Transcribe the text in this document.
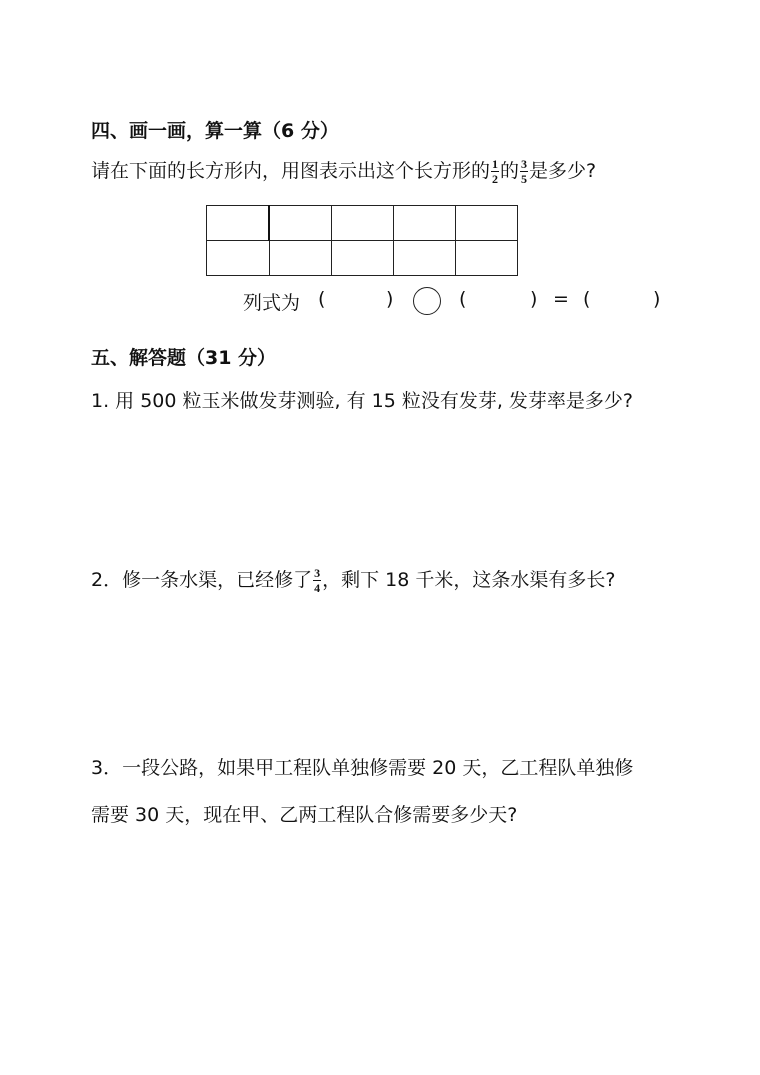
四、画一画，算一算（6 分）
请在下面的长方形内，用图表示出这个长方形的 $\frac{1}{2}$ 的 $\frac{3}{5}$ 是多少?

列式为 (	)	(	) = (	)
五、解答题（31 分）
1. 用 500 粒玉米做发芽测验, 有 15 粒没有发芽, 发芽率是多少?
2．修一条水渠，已经修了 $\frac{3}{4}$ ，剩下 18 千米，这条水渠有多长?
3．一段公路，如果甲工程队单独修需要 20 天，乙工程队单独修
需要 30 天，现在甲、乙两工程队合修需要多少天?
